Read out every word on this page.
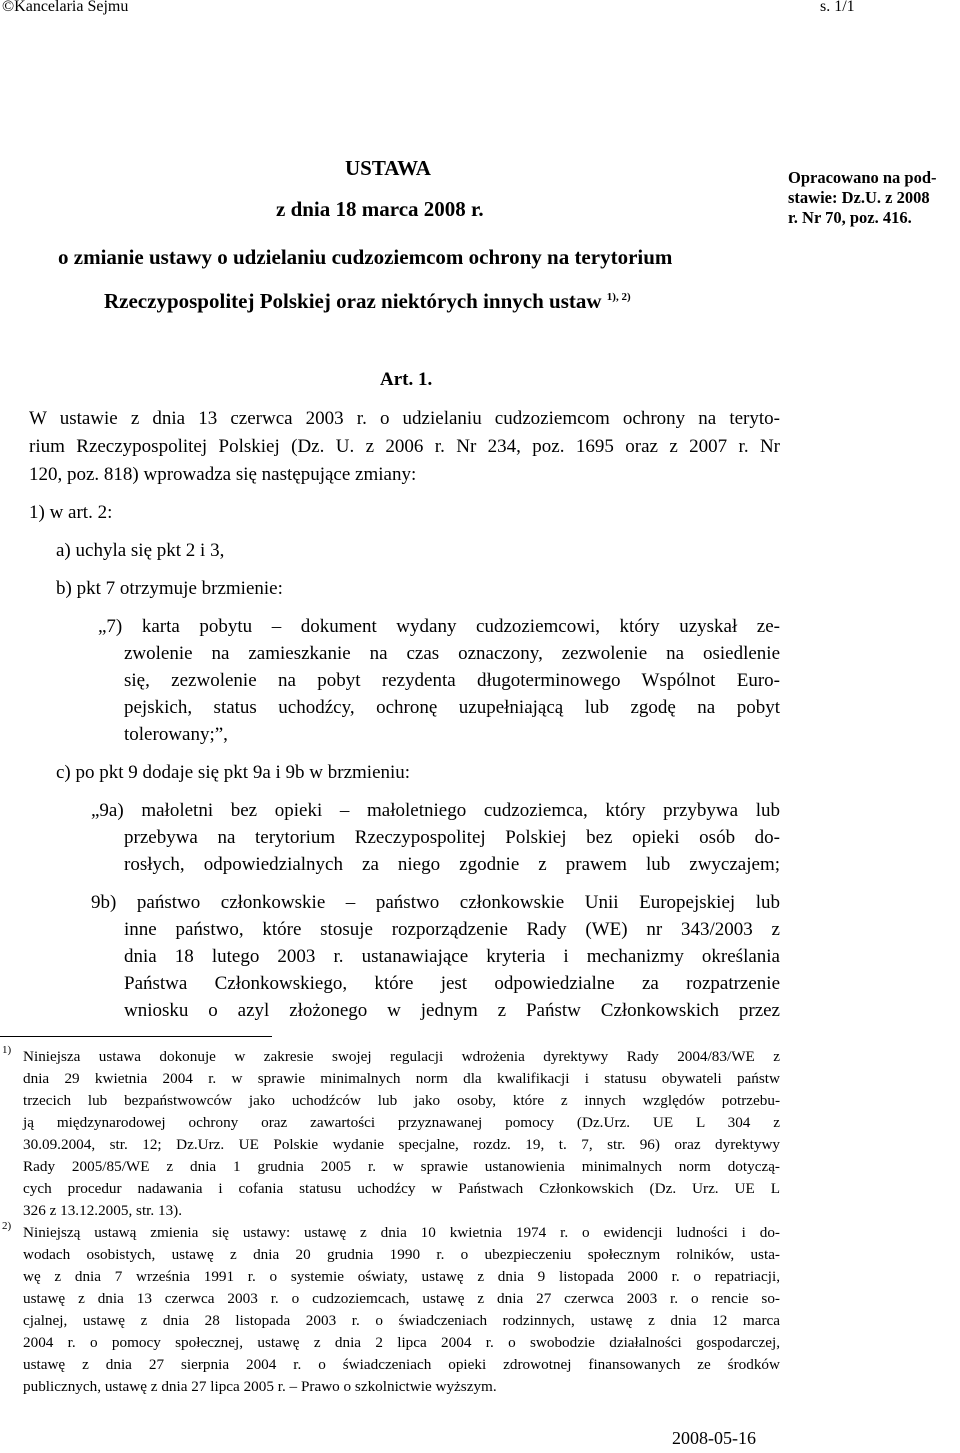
©Kancelaria Sejmu	s. 1/1
USTAWA
z dnia 18 marca 2008 r.
o zmianie ustawy o udzielaniu cudzoziemcom ochrony na terytorium
Rzeczypospolitej Polskiej oraz niektórych innych ustaw $^{1), 2)}$
Opracowano na pod-
stawie: Dz.U. z 2008
r. Nr 70, poz. 416.
Art. 1.
W ustawie z dnia 13 czerwca 2003 r. o udzielaniu cudzoziemcom ochrony na teryto-
rium Rzeczypospolitej Polskiej (Dz. U. z 2006 r. Nr 234, poz. 1695 oraz z 2007 r. Nr
120, poz. 818) wprowadza się następujące zmiany:
1) w art. 2:
a) uchyla się pkt 2 i 3,
b) pkt 7 otrzymuje brzmienie:
„7) karta pobytu – dokument wydany cudzoziemcowi, który uzyskał ze-
zwolenie na zamieszkanie na czas oznaczony, zezwolenie na osiedlenie
się, zezwolenie na pobyt rezydenta długoterminowego Wspólnot Euro-
pejskich, status uchodźcy, ochronę uzupełniającą lub zgodę na pobyt
tolerowany;”,
c) po pkt 9 dodaje się pkt 9a i 9b w brzmieniu:
„9a) małoletni bez opieki – małoletniego cudzoziemca, który przybywa lub
przebywa na terytorium Rzeczypospolitej Polskiej bez opieki osób do-
rosłych, odpowiedzialnych za niego zgodnie z prawem lub zwyczajem;
9b) państwo członkowskie – państwo członkowskie Unii Europejskiej lub
inne państwo, które stosuje rozporządzenie Rady (WE) nr 343/2003 z
dnia 18 lutego 2003 r. ustanawiające kryteria i mechanizmy określania
Państwa Członkowskiego, które jest odpowiedzialne za rozpatrzenie
wniosku o azyl złożonego w jednym z Państw Członkowskich przez
1) Niniejsza ustawa dokonuje w zakresie swojej regulacji wdrożenia dyrektywy Rady 2004/83/WE z
dnia 29 kwietnia 2004 r. w sprawie minimalnych norm dla kwalifikacji i statusu obywateli państw
trzecich lub bezpaństwowców jako uchodźców lub jako osoby, które z innych względów potrzebu-
ją międzynarodowej ochrony oraz zawartości przyznawanej pomocy (Dz.Urz. UE L 304 z
30.09.2004, str. 12; Dz.Urz. UE Polskie wydanie specjalne, rozdz. 19, t. 7, str. 96) oraz dyrektywy
Rady 2005/85/WE z dnia 1 grudnia 2005 r. w sprawie ustanowienia minimalnych norm dotyczą-
cych procedur nadawania i cofania statusu uchodźcy w Państwach Członkowskich (Dz. Urz. UE L
326 z 13.12.2005, str. 13).
2) Niniejszą ustawą zmienia się ustawy: ustawę z dnia 10 kwietnia 1974 r. o ewidencji ludności i do-
wodach osobistych, ustawę z dnia 20 grudnia 1990 r. o ubezpieczeniu społecznym rolników, usta-
wę z dnia 7 września 1991 r. o systemie oświaty, ustawę z dnia 9 listopada 2000 r. o repatriacji,
ustawę z dnia 13 czerwca 2003 r. o cudzoziemcach, ustawę z dnia 27 czerwca 2003 r. o rencie so-
cjalnej, ustawę z dnia 28 listopada 2003 r. o świadczeniach rodzinnych, ustawę z dnia 12 marca
2004 r. o pomocy społecznej, ustawę z dnia 2 lipca 2004 r. o swobodzie działalności gospodarczej,
ustawę z dnia 27 sierpnia 2004 r. o świadczeniach opieki zdrowotnej finansowanych ze środków
publicznych, ustawę z dnia 27 lipca 2005 r. – Prawo o szkolnictwie wyższym.
2008-05-16
